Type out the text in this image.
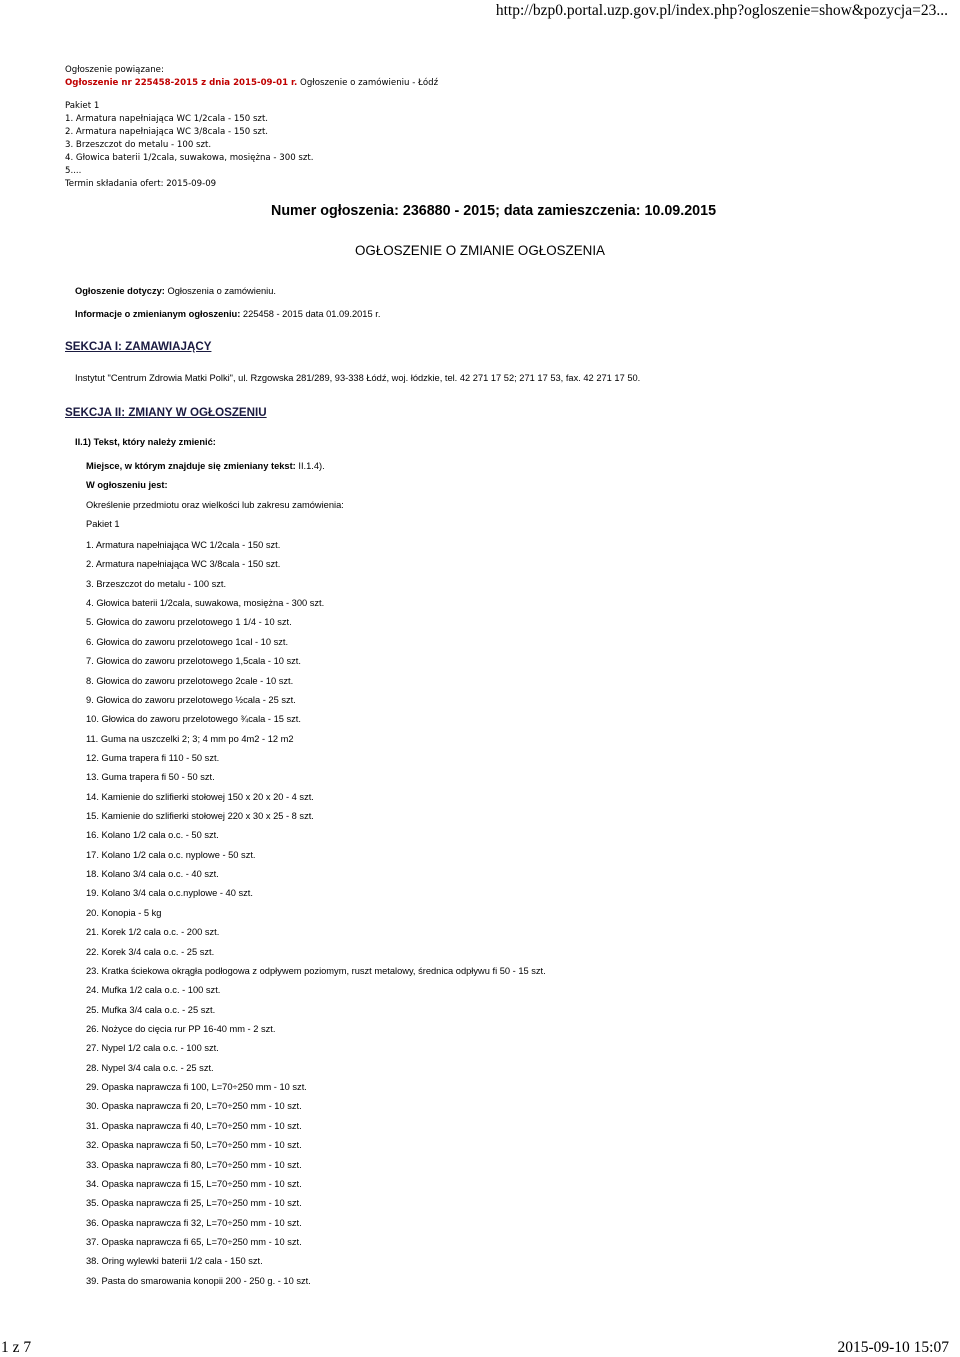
http://bzp0.portal.uzp.gov.pl/index.php?ogloszenie=show&pozycja=23...
Ogłoszenie powiązane:
Ogłoszenie nr 225458-2015 z dnia 2015-09-01 r. Ogłoszenie o zamówieniu - Łódź
Pakiet 1
1. Armatura napełniająca WC 1/2cala - 150 szt.
2. Armatura napełniająca WC 3/8cala - 150 szt.
3. Brzeszczot do metalu - 100 szt.
4. Głowica baterii 1/2cala, suwakowa, mosiężna - 300 szt.
5....
Termin składania ofert: 2015-09-09
Numer ogłoszenia: 236880 - 2015; data zamieszczenia: 10.09.2015
OGŁOSZENIE O ZMIANIE OGŁOSZENIA
Ogłoszenie dotyczy: Ogłoszenia o zamówieniu.
Informacje o zmienianym ogłoszeniu: 225458 - 2015 data 01.09.2015 r.
SEKCJA I: ZAMAWIAJĄCY
Instytut "Centrum Zdrowia Matki Polki", ul. Rzgowska 281/289, 93-338 Łódź, woj. łódzkie, tel. 42 271 17 52; 271 17 53, fax. 42 271 17 50.
SEKCJA II: ZMIANY W OGŁOSZENIU
II.1) Tekst, który należy zmienić:
Miejsce, w którym znajduje się zmieniany tekst: II.1.4).
W ogłoszeniu jest:
Określenie przedmiotu oraz wielkości lub zakresu zamówienia:
Pakiet 1
1. Armatura napełniająca WC 1/2cala - 150 szt.
2. Armatura napełniająca WC 3/8cala - 150 szt.
3. Brzeszczot do metalu - 100 szt.
4. Głowica baterii 1/2cala, suwakowa, mosiężna - 300 szt.
5. Głowica do zaworu przelotowego 1 1/4 - 10 szt.
6. Głowica do zaworu przelotowego 1cal - 10 szt.
7. Głowica do zaworu przelotowego 1,5cala - 10 szt.
8. Głowica do zaworu przelotowego 2cale - 10 szt.
9. Głowica do zaworu przelotowego ½cala - 25 szt.
10. Głowica do zaworu przelotowego ¾cala - 15 szt.
11. Guma na uszczelki 2; 3; 4 mm po 4m2 - 12 m2
12. Guma trapera fi 110 - 50 szt.
13. Guma trapera fi 50 - 50 szt.
14. Kamienie do szlifierki stołowej 150 x 20 x 20 - 4 szt.
15. Kamienie do szlifierki stołowej 220 x 30 x 25 - 8 szt.
16. Kolano 1/2 cala o.c. - 50 szt.
17. Kolano 1/2 cala o.c. nyplowe - 50 szt.
18. Kolano 3/4 cala o.c. - 40 szt.
19. Kolano 3/4 cala o.c.nyplowe - 40 szt.
20. Konopia - 5 kg
21. Korek 1/2 cala o.c. - 200 szt.
22. Korek 3/4 cala o.c. - 25 szt.
23. Kratka ściekowa okrągła podłogowa z odpływem poziomym, ruszt metalowy, średnica odpływu fi 50 - 15 szt.
24. Mufka 1/2 cala o.c. - 100 szt.
25. Mufka 3/4 cala o.c. - 25 szt.
26. Nożyce do cięcia rur PP 16-40 mm - 2 szt.
27. Nypel 1/2 cala o.c. - 100 szt.
28. Nypel 3/4 cala o.c. - 25 szt.
29. Opaska naprawcza fi 100, L=70÷250 mm - 10 szt.
30. Opaska naprawcza fi 20, L=70÷250 mm - 10 szt.
31. Opaska naprawcza fi 40, L=70÷250 mm - 10 szt.
32. Opaska naprawcza fi 50, L=70÷250 mm - 10 szt.
33. Opaska naprawcza fi 80, L=70÷250 mm - 10 szt.
34. Opaska naprawcza fi 15, L=70÷250 mm - 10 szt.
35. Opaska naprawcza fi 25, L=70÷250 mm - 10 szt.
36. Opaska naprawcza fi 32, L=70÷250 mm - 10 szt.
37. Opaska naprawcza fi 65, L=70÷250 mm - 10 szt.
38. Oring wylewki baterii 1/2 cala - 150 szt.
39. Pasta do smarowania konopii 200 - 250 g. - 10 szt.
1 z 7	2015-09-10 15:07
